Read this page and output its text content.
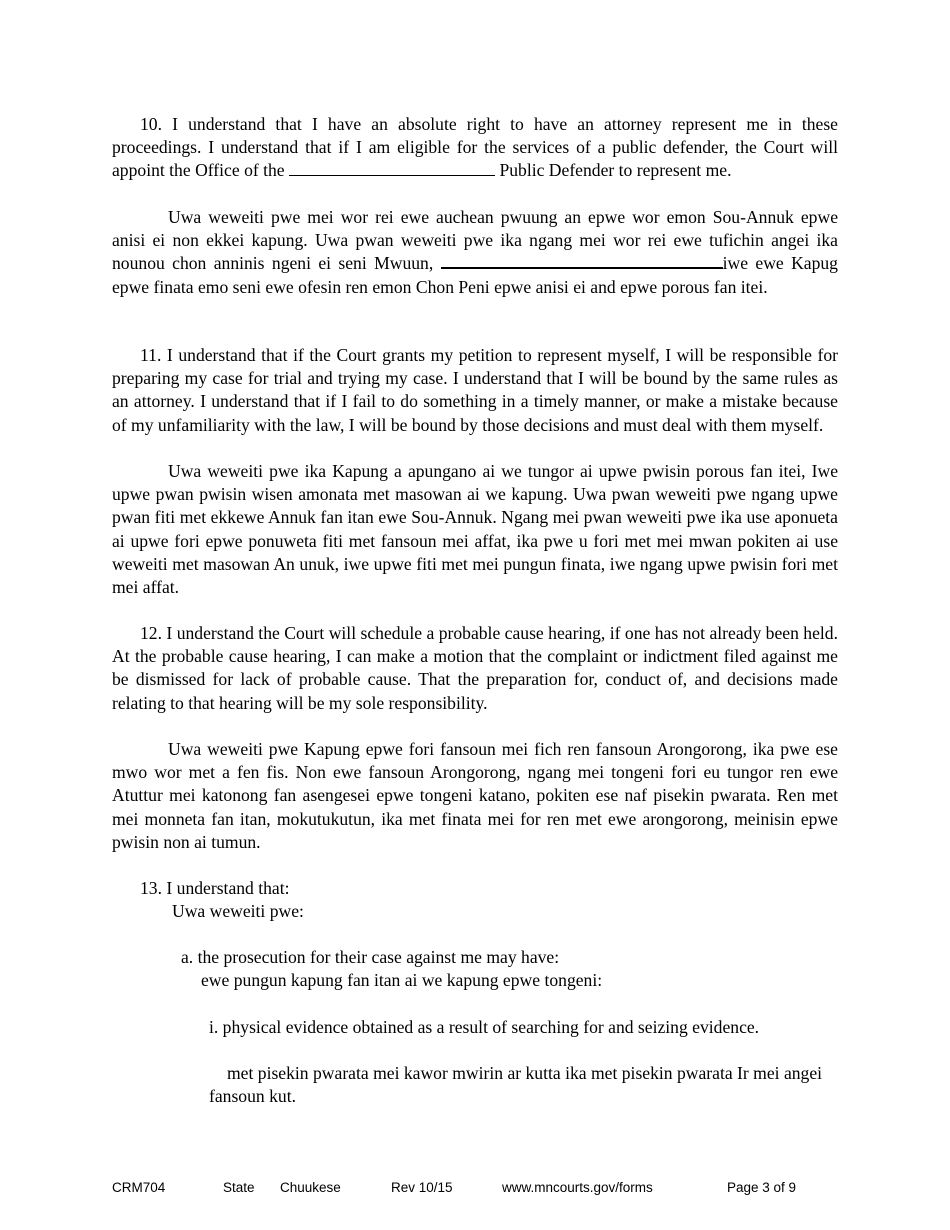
10. I understand that I have an absolute right to have an attorney represent me in these proceedings. I understand that if I am eligible for the services of a public defender, the Court will appoint the Office of the	Public Defender to represent me.

Uwa weweiti pwe mei wor rei ewe auchean pwuung an epwe wor emon Sou-Annuk epwe anisi ei non ekkei kapung. Uwa pwan weweiti pwe ika ngang mei wor rei ewe tufichin angei ika nounou chon anninis ngeni ei seni Mwuun,	iwe ewe Kapug epwe finata emo seni ewe ofesin ren emon Chon Peni epwe anisi ei and epwe porous fan itei.

11. I understand that if the Court grants my petition to represent myself, I will be responsible for preparing my case for trial and trying my case. I understand that I will be bound by the same rules as an attorney. I understand that if I fail to do something in a timely manner, or make a mistake because of my unfamiliarity with the law, I will be bound by those decisions and must deal with them myself.

Uwa weweiti pwe ika Kapung a apungano ai we tungor ai upwe pwisin porous fan itei, Iwe upwe pwan pwisin wisen amonata met masowan ai we kapung. Uwa pwan weweiti pwe ngang upwe pwan fiti met ekkewe Annuk fan itan ewe Sou-Annuk. Ngang mei pwan weweiti pwe ika use aponueta ai upwe fori epwe ponuweta fiti met fansoun mei affat, ika pwe u fori met mei mwan pokiten ai use weweiti met masowan An unuk, iwe upwe fiti met mei pungun finata, iwe ngang upwe pwisin fori met mei affat.

12. I understand the Court will schedule a probable cause hearing, if one has not already been held. At the probable cause hearing, I can make a motion that the complaint or indictment filed against me be dismissed for lack of probable cause. That the preparation for, conduct of, and decisions made relating to that hearing will be my sole responsibility.

Uwa weweiti pwe Kapung epwe fori fansoun mei fich ren fansoun Arongorong, ika pwe ese mwo wor met a fen fis. Non ewe fansoun Arongorong, ngang mei tongeni fori eu tungor ren ewe Atuttur mei katonong fan asengesei epwe tongeni katano, pokiten ese naf pisekin pwarata. Ren met mei monneta fan itan, mokutukutun, ika met finata mei for ren met ewe arongorong, meinisin epwe pwisin non ai tumun.

13. I understand that:

Uwa weweiti pwe:

a. the prosecution for their case against me may have:

ewe pungun kapung fan itan ai we kapung epwe tongeni:

i. physical evidence obtained as a result of searching for and seizing evidence.

met pisekin pwarata mei kawor mwirin ar kutta ika met pisekin pwarata Ir mei angei fansoun kut.

CRM704	State Chuukese	Rev 10/15	www.mncourts.gov/forms	Page 3 of 9
